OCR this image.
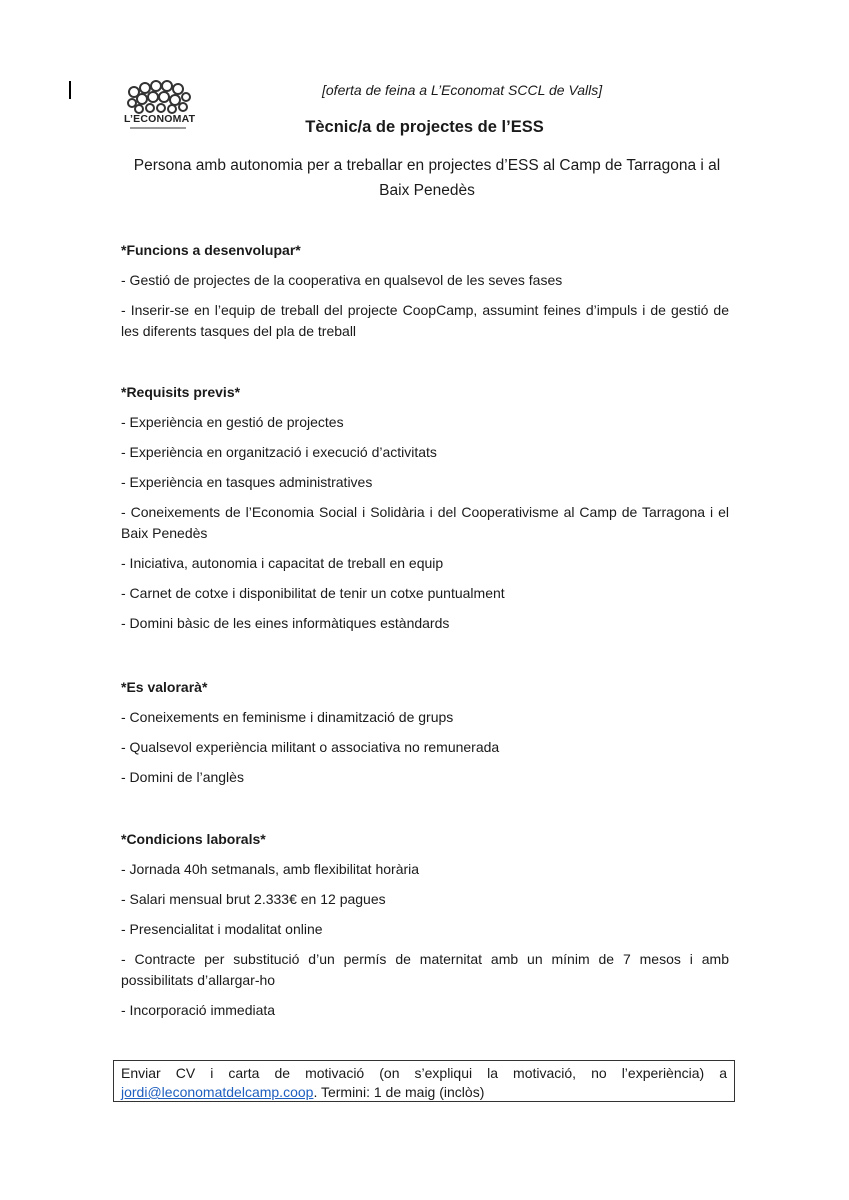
L’ECONOMAT
[oferta de feina a L’Economat SCCL de Valls]
Tècnic/a de projectes de l’ESS
Persona amb autonomia per a treballar en projectes d’ESS al Camp de Tarragona i al Baix Penedès

*Funcions a desenvolupar*

- Gestió de projectes de la cooperativa en qualsevol de les seves fases

- Inserir-se en l’equip de treball del projecte CoopCamp, assumint feines d’impuls i de gestió de les diferents tasques del pla de treball

*Requisits previs*

- Experiència en gestió de projectes

- Experiència en organització i execució d’activitats

- Experiència en tasques administratives

- Coneixements de l’Economia Social i Solidària i del Cooperativisme al Camp de Tarragona i el Baix Penedès

- Iniciativa, autonomia i capacitat de treball en equip

- Carnet de cotxe i disponibilitat de tenir un cotxe puntualment

- Domini bàsic de les eines informàtiques estàndards

*Es valorarà*

- Coneixements en feminisme i dinamització de grups

- Qualsevol experiència militant o associativa no remunerada

- Domini de l’anglès

*Condicions laborals*

- Jornada 40h setmanals, amb flexibilitat horària

- Salari mensual brut 2.333€ en 12 pagues

- Presencialitat i modalitat online

- Contracte per substitució d’un permís de maternitat amb un mínim de 7 mesos i amb possibilitats d’allargar-ho

- Incorporació immediata

Enviar CV i carta de motivació (on s’expliqui la motivació, no l’experiència) a jordi@leconomatdelcamp.coop. Termini: 1 de maig (inclòs)
